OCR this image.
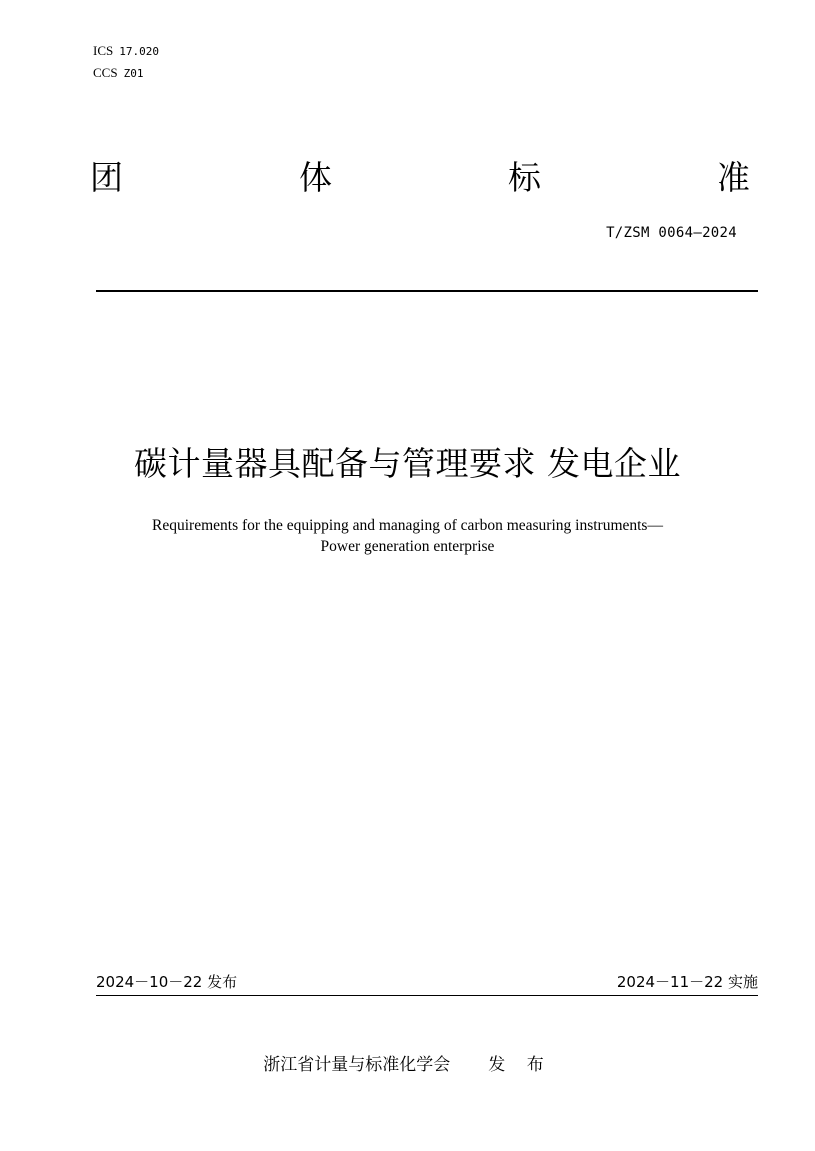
ICS 17.020
CCS Z01
团	体	标	准
T/ZSM 0064—2024
碳计量器具配备与管理要求 发电企业
Requirements for the equipping and managing of carbon measuring instruments—
Power generation enterprise
2024－10－22 发布	2024－11－22 实施
浙江省计量与标准化学会 发 布
